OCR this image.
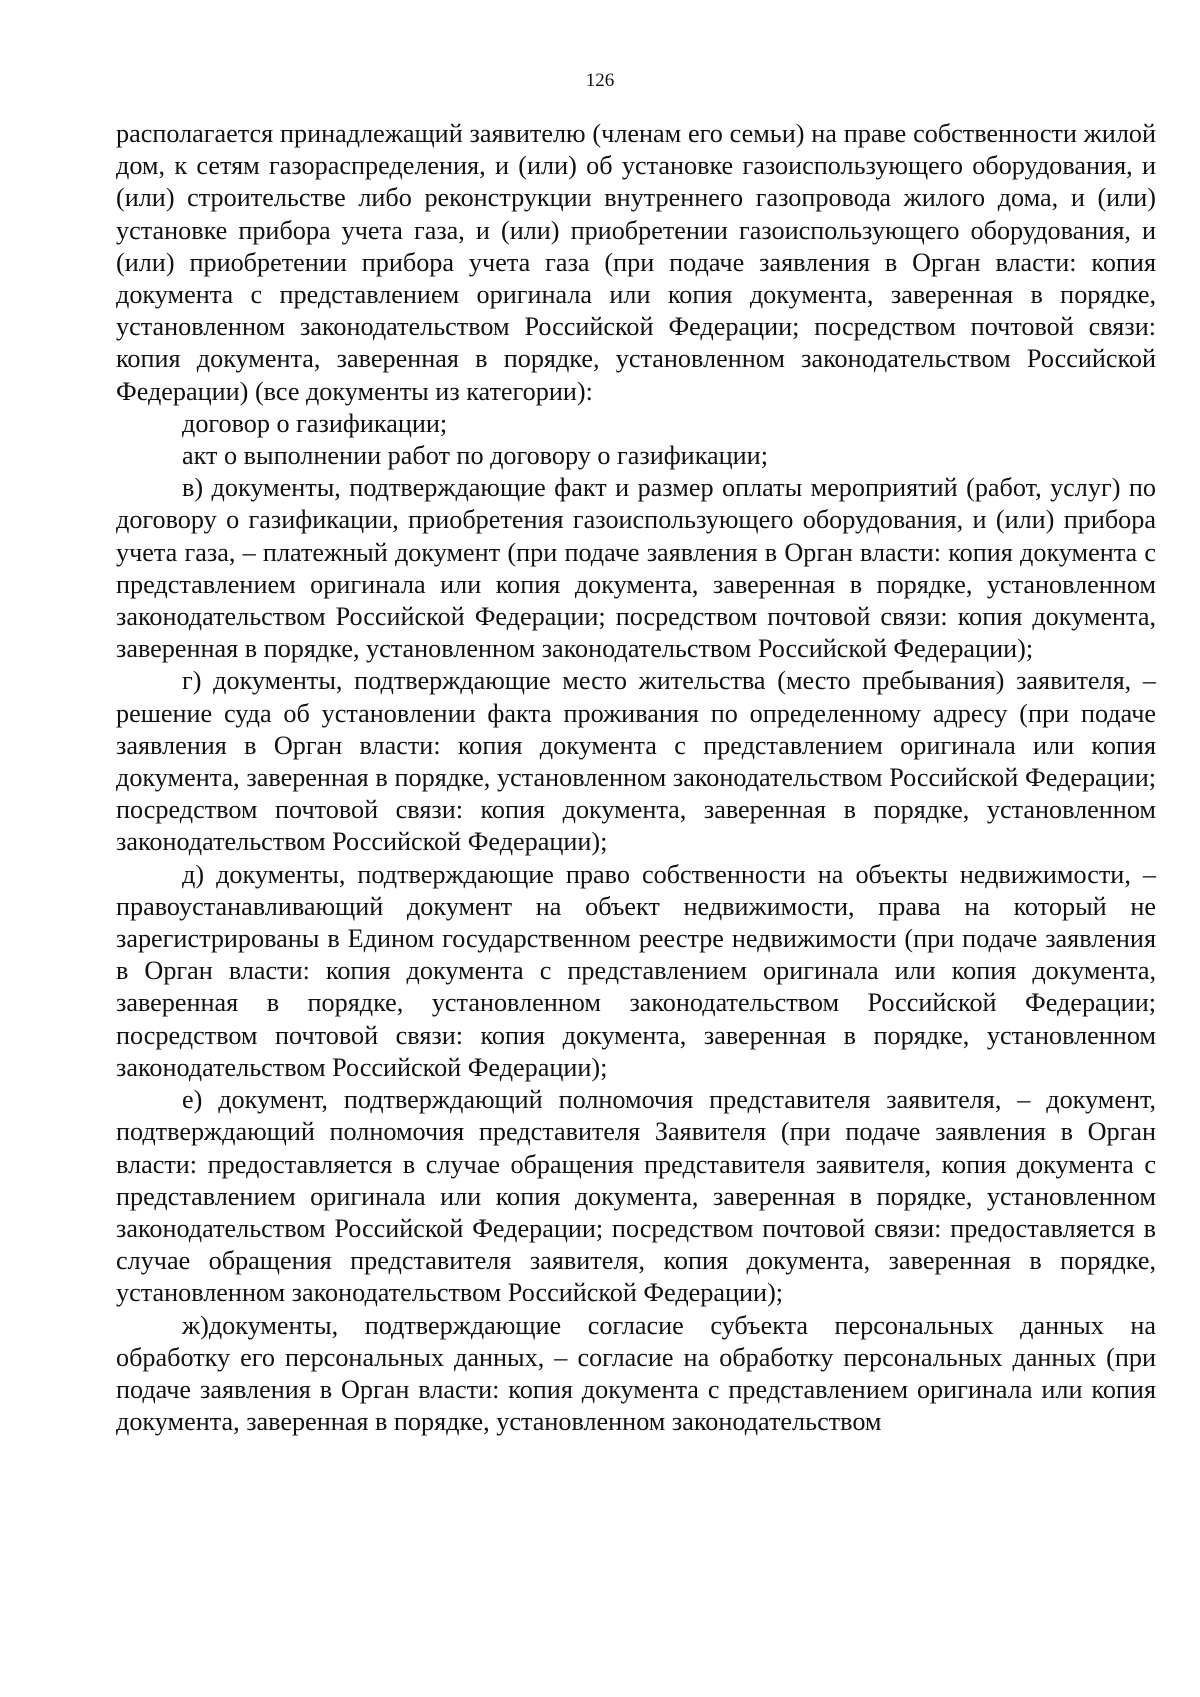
126

располагается принадлежащий заявителю (членам его семьи) на праве собственности жилой дом, к сетям газораспределения, и (или) об установке газоиспользующего оборудования, и (или) строительстве либо реконструкции внутреннего газопровода жилого дома, и (или) установке прибора учета газа, и (или) приобретении газоиспользующего оборудования, и (или) приобретении прибора учета газа (при подаче заявления в Орган власти: копия документа с представлением оригинала или копия документа, заверенная в порядке, установленном законодательством Российской Федерации; посредством почтовой связи: копия документа, заверенная в порядке, установленном законодательством Российской Федерации) (все документы из категории):

договор о газификации;

акт о выполнении работ по договору о газификации;

в) документы, подтверждающие факт и размер оплаты мероприятий (работ, услуг) по договору о газификации, приобретения газоиспользующего оборудования, и (или) прибора учета газа, – платежный документ (при подаче заявления в Орган власти: копия документа с представлением оригинала или копия документа, заверенная в порядке, установленном законодательством Российской Федерации; посредством почтовой связи: копия документа, заверенная в порядке, установленном законодательством Российской Федерации);

г) документы, подтверждающие место жительства (место пребывания) заявителя, – решение суда об установлении факта проживания по определенному адресу (при подаче заявления в Орган власти: копия документа с представлением оригинала или копия документа, заверенная в порядке, установленном законодательством Российской Федерации; посредством почтовой связи: копия документа, заверенная в порядке, установленном законодательством Российской Федерации);

д) документы, подтверждающие право собственности на объекты недвижимости, – правоустанавливающий документ на объект недвижимости, права на который не зарегистрированы в Едином государственном реестре недвижимости (при подаче заявления в Орган власти: копия документа с представлением оригинала или копия документа, заверенная в порядке, установленном законодательством Российской Федерации; посредством почтовой связи: копия документа, заверенная в порядке, установленном законодательством Российской Федерации);

е) документ, подтверждающий полномочия представителя заявителя, – документ, подтверждающий полномочия представителя Заявителя (при подаче заявления в Орган власти: предоставляется в случае обращения представителя заявителя, копия документа с представлением оригинала или копия документа, заверенная в порядке, установленном законодательством Российской Федерации; посредством почтовой связи: предоставляется в случае обращения представителя заявителя, копия документа, заверенная в порядке, установленном законодательством Российской Федерации);

ж)документы, подтверждающие согласие субъекта персональных данных на обработку его персональных данных, – согласие на обработку персональных данных (при подаче заявления в Орган власти: копия документа с представлением оригинала или копия документа, заверенная в порядке, установленном законодательством
